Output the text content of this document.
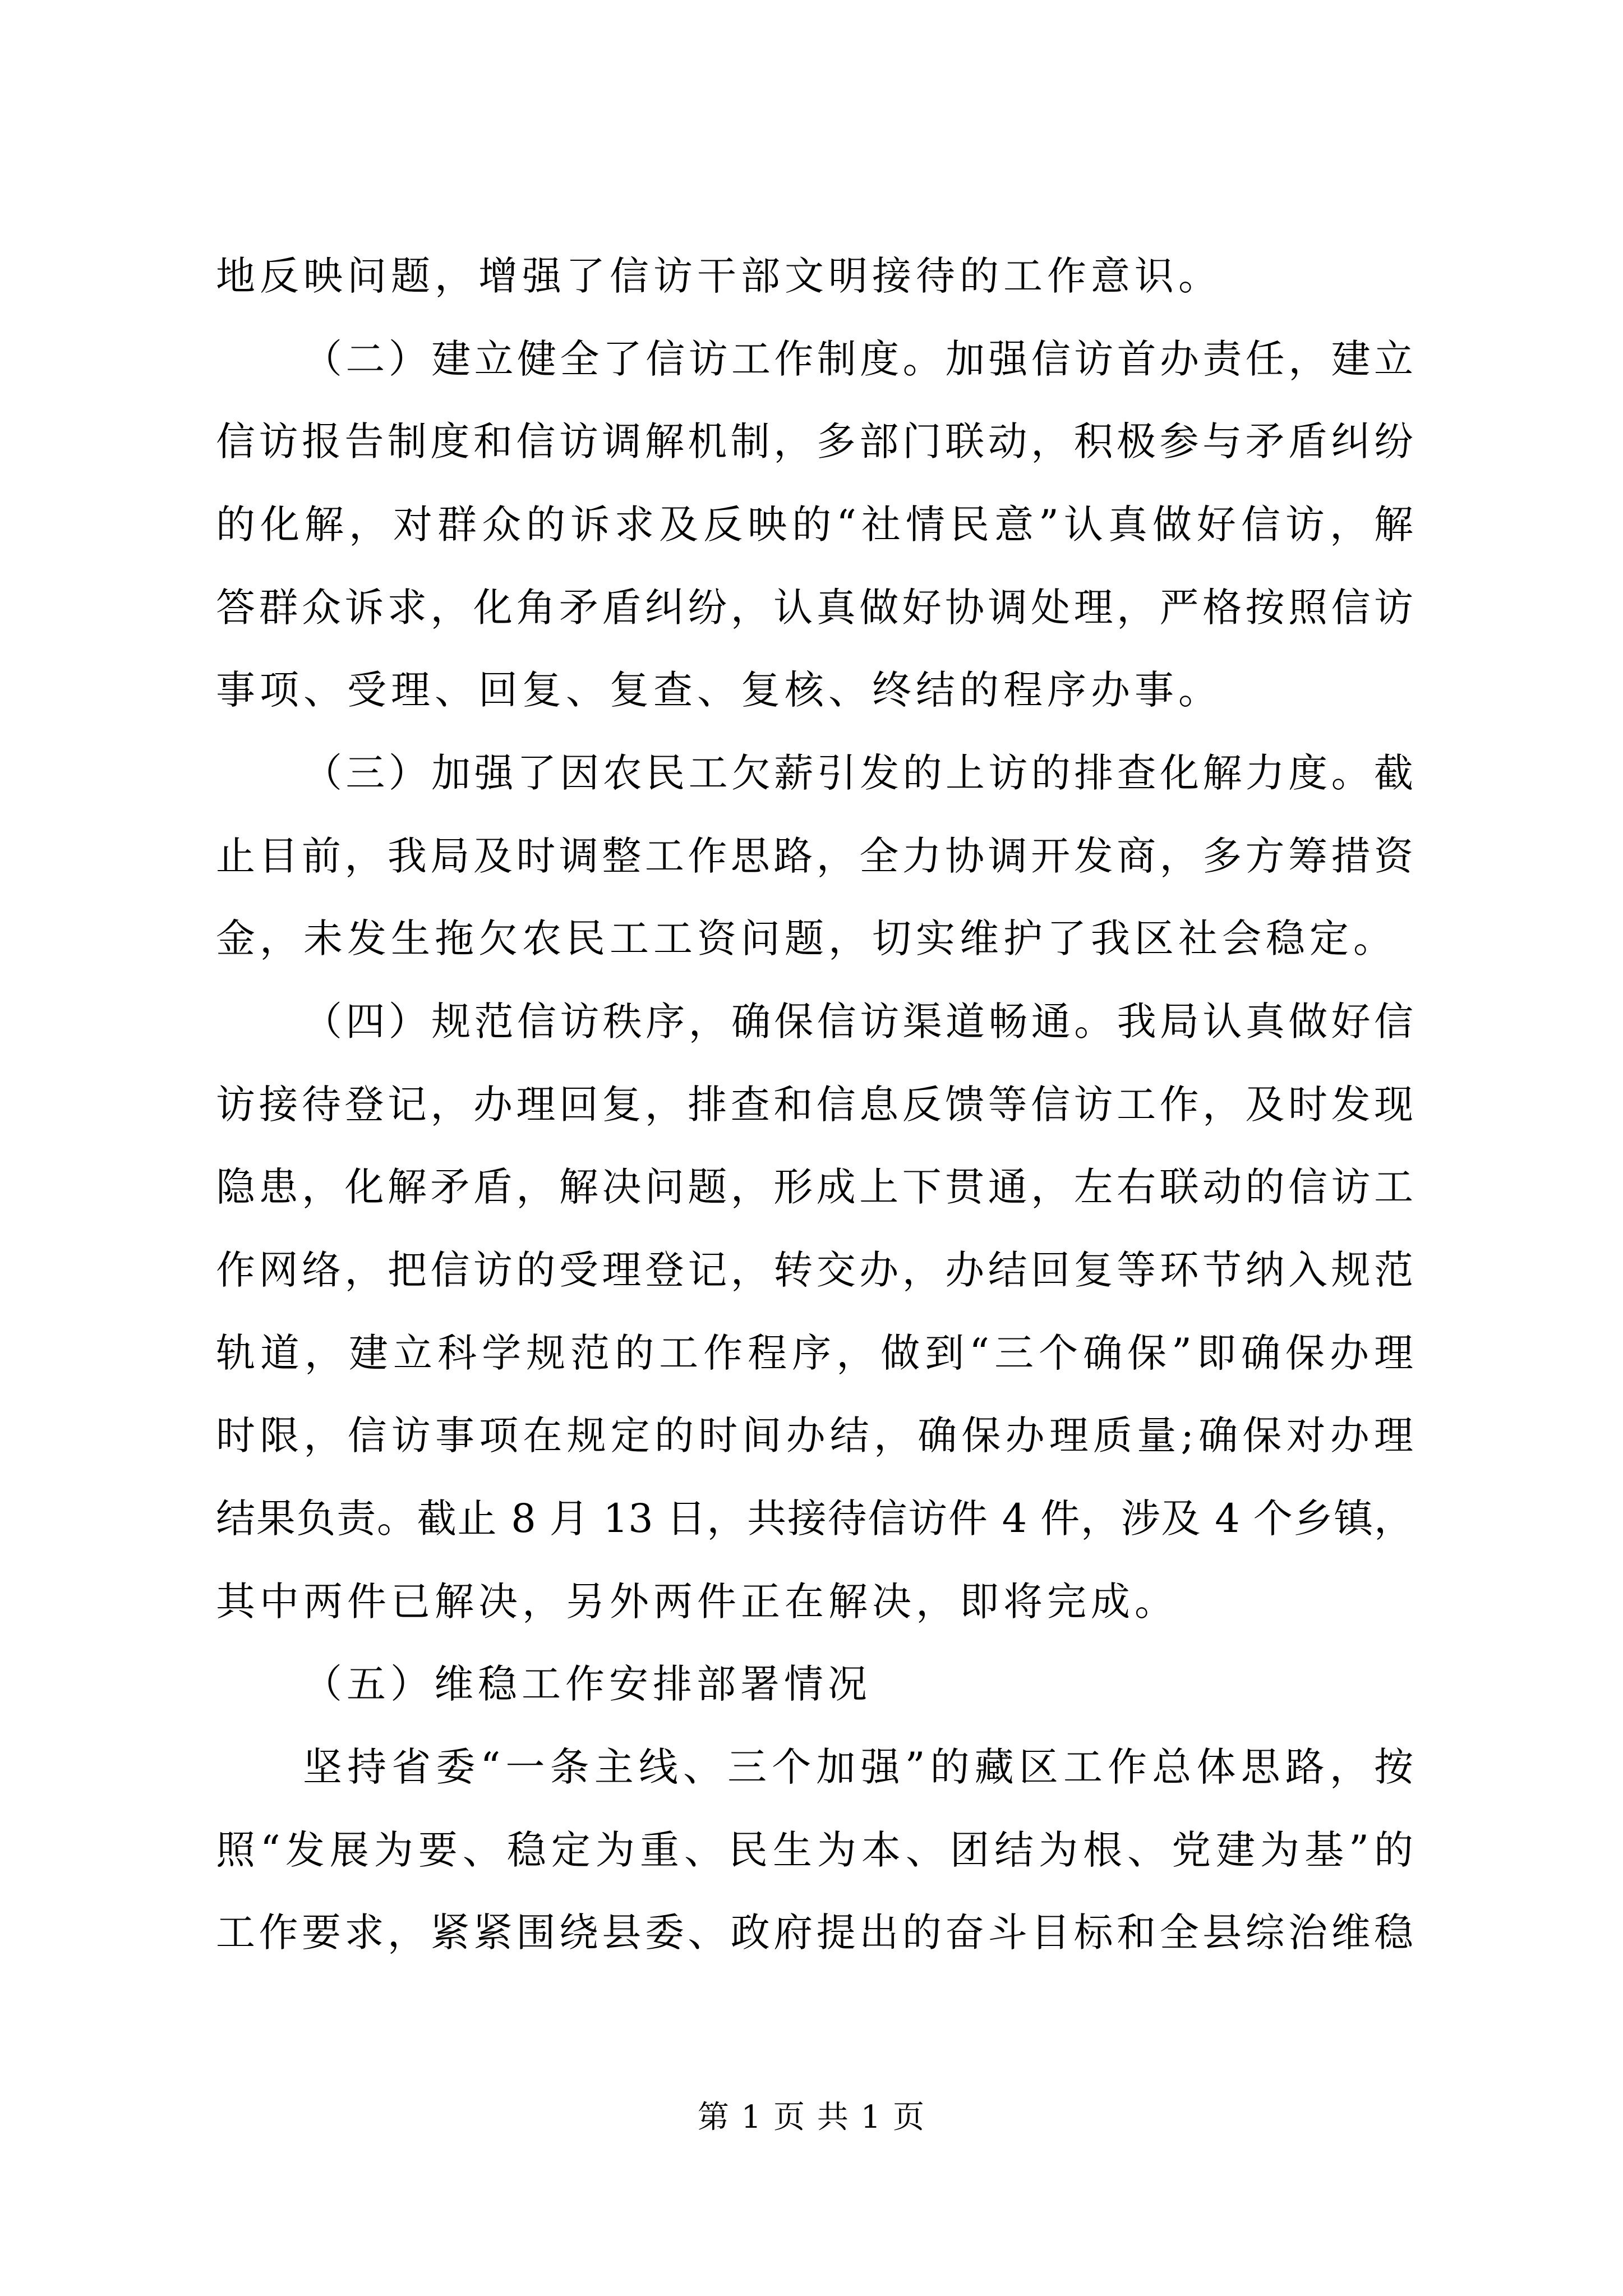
地反映问题，增强了信访干部文明接待的工作意识。
（二）建立健全了信访工作制度。加强信访首办责任，建立
信访报告制度和信访调解机制，多部门联动，积极参与矛盾纠纷
的化解，对群众的诉求及反映的“社情民意”认真做好信访，解
答群众诉求，化角矛盾纠纷，认真做好协调处理，严格按照信访
事项、受理、回复、复查、复核、终结的程序办事。
（三）加强了因农民工欠薪引发的上访的排查化解力度。截
止目前，我局及时调整工作思路，全力协调开发商，多方筹措资
金，未发生拖欠农民工工资问题，切实维护了我区社会稳定。
（四）规范信访秩序，确保信访渠道畅通。我局认真做好信
访接待登记，办理回复，排查和信息反馈等信访工作，及时发现
隐患，化解矛盾，解决问题，形成上下贯通，左右联动的信访工
作网络，把信访的受理登记，转交办，办结回复等环节纳入规范
轨道，建立科学规范的工作程序，做到“三个确保”即确保办理
时限，信访事项在规定的时间办结，确保办理质量;确保对办理
结果负责。截止 8 月 13 日，共接待信访件 4 件，涉及 4 个乡镇，
其中两件已解决，另外两件正在解决，即将完成。
（五）维稳工作安排部署情况
坚持省委“一条主线、三个加强”的藏区工作总体思路，按
照“发展为要、稳定为重、民生为本、团结为根、党建为基”的
工作要求，紧紧围绕县委、政府提出的奋斗目标和全县综治维稳
第 1 页 共 1 页
